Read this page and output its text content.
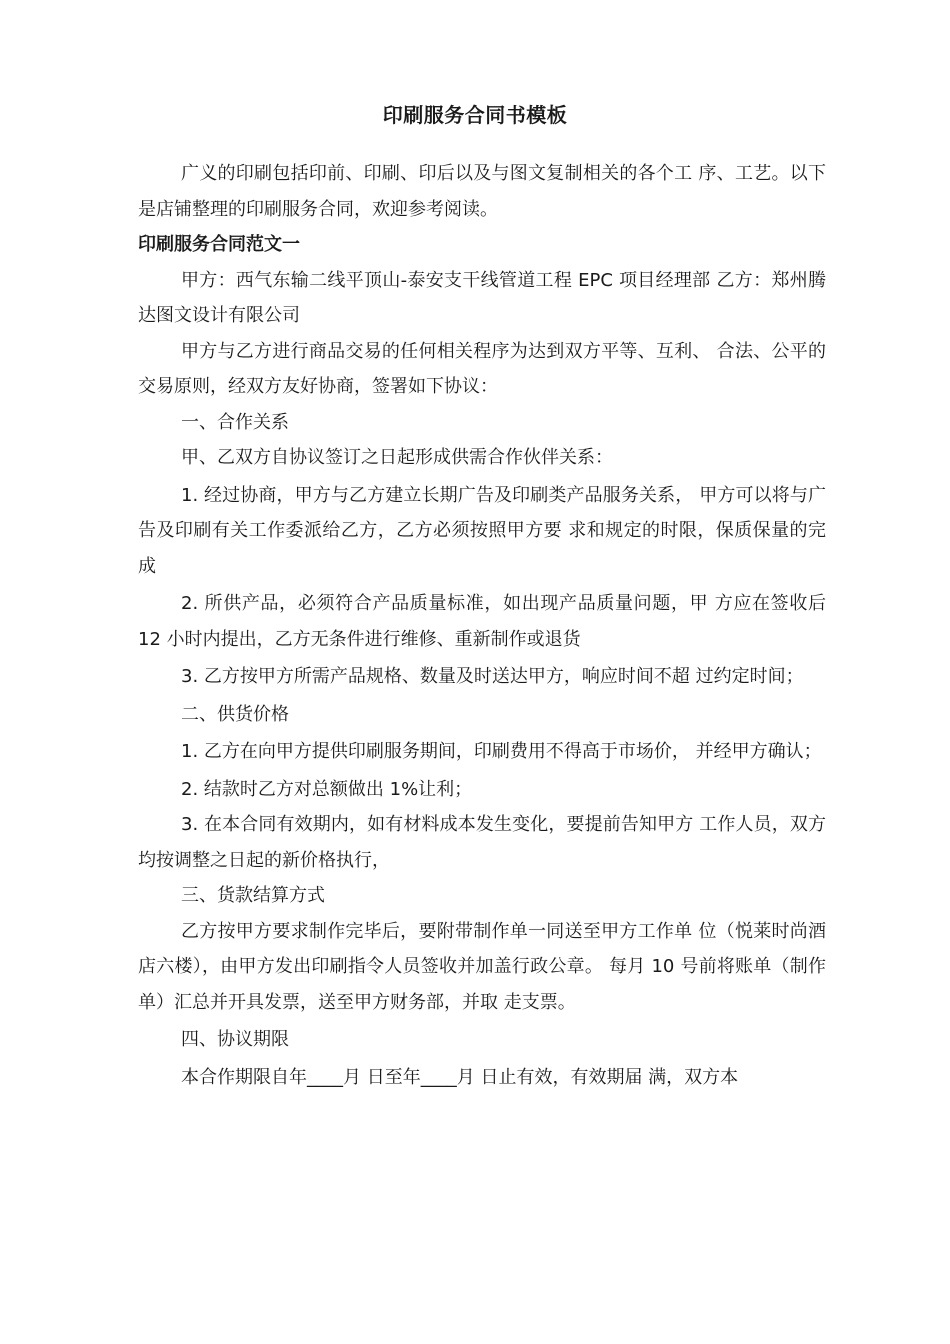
印刷服务合同书模板

广义的印刷包括印前、印刷、印后以及与图文复制相关的各个工 序、工艺。以下是店铺整理的印刷服务合同，欢迎参考阅读。

印刷服务合同范文一

甲方：西气东输二线平顶山-泰安支干线管道工程 EPC 项目经理部 乙方：郑州腾达图文设计有限公司

甲方与乙方进行商品交易的任何相关程序为达到双方平等、互利、 合法、公平的交易原则，经双方友好协商，签署如下协议：

一、合作关系

甲、乙双方自协议签订之日起形成供需合作伙伴关系：

1. 经过协商，甲方与乙方建立长期广告及印刷类产品服务关系， 甲方可以将与广告及印刷有关工作委派给乙方，乙方必须按照甲方要 求和规定的时限，保质保量的完成

2. 所供产品，必须符合产品质量标准，如出现产品质量问题，甲 方应在签收后 12 小时内提出，乙方无条件进行维修、重新制作或退货

3. 乙方按甲方所需产品规格、数量及时送达甲方，响应时间不超 过约定时间；

二、供货价格

1. 乙方在向甲方提供印刷服务期间，印刷费用不得高于市场价， 并经甲方确认；

2. 结款时乙方对总额做出 1%让利；

3. 在本合同有效期内，如有材料成本发生变化，要提前告知甲方 工作人员，双方均按调整之日起的新价格执行，

三、货款结算方式

乙方按甲方要求制作完毕后，要附带制作单一同送至甲方工作单 位（悦莱时尚酒店六楼），由甲方发出印刷指令人员签收并加盖行政公章。 每月 10 号前将账单（制作单）汇总并开具发票，送至甲方财务部，并取 走支票。

四、协议期限

本合作期限自年____月 日至年____月 日止有效，有效期届 满，双方本
